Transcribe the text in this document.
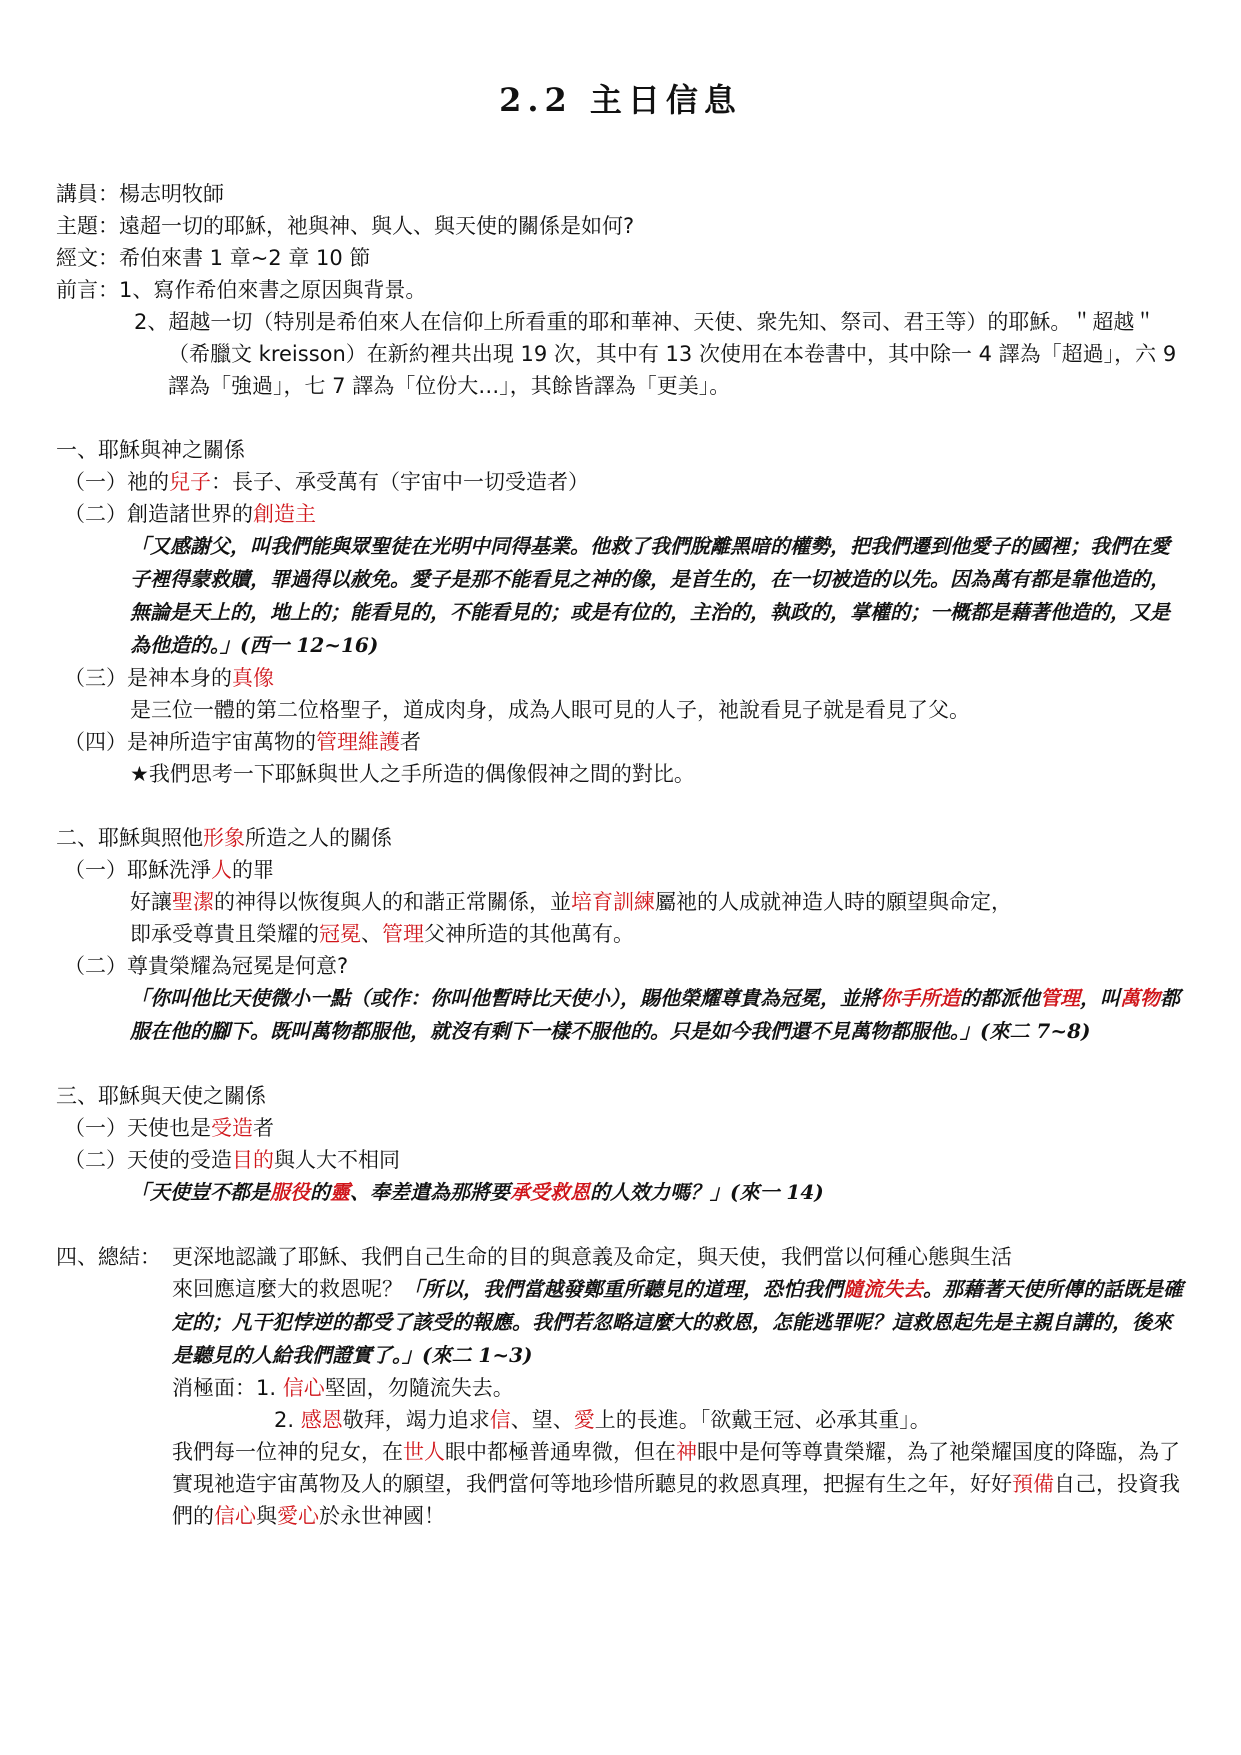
2.2 主日信息
講員： 楊志明牧師
主題： 遠超一切的耶穌，祂與神、與人、與天使的關係是如何?
經文： 希伯來書 1 章~2 章 10 節
前言： 1、寫作希伯來書之原因與背景。
2、超越一切（特別是希伯來人在信仰上所看重的耶和華神、天使、衆先知、祭司、君王等）的耶穌。＂超越＂（希臘文 kreisson）在新約裡共出現 19 次，其中有 13 次使用在本卷書中，其中除一 4 譯為「超過」，六 9 譯為「強過」，七 7 譯為「位份大…」，其餘皆譯為「更美」。
一、耶穌與神之關係
（一）祂的兒子：長子、承受萬有（宇宙中一切受造者）
（二）創造諸世界的創造主
「又感謝父，叫我們能與眾聖徒在光明中同得基業。他救了我們脫離黑暗的權勢，把我們遷到他愛子的國裡；我們在愛子裡得蒙救贖，罪過得以赦免。愛子是那不能看見之神的像，是首生的，在一切被造的以先。因為萬有都是靠他造的，無論是天上的，地上的；能看見的，不能看見的；或是有位的，主治的，執政的，掌權的；一概都是藉著他造的，又是為他造的。」(西一 12~16)
（三）是神本身的真像
是三位一體的第二位格聖子，道成肉身，成為人眼可見的人子，祂說看見子就是看見了父。
（四）是神所造宇宙萬物的管理維護者
★我們思考一下耶穌與世人之手所造的偶像假神之間的對比。
二、耶穌與照他形象所造之人的關係
（一）耶穌洗淨人的罪
好讓聖潔的神得以恢復與人的和諧正常關係，並培育訓練屬祂的人成就神造人時的願望與命定，
即承受尊貴且榮耀的冠冕、管理父神所造的其他萬有。
（二）尊貴榮耀為冠冕是何意?
「你叫他比天使微小一點（或作：你叫他暫時比天使小），賜他榮耀尊貴為冠冕，並將你手所造的都派他管理，叫萬物都服在他的腳下。既叫萬物都服他，就沒有剩下一樣不服他的。只是如今我們還不見萬物都服他。」(來二 7~8)
三、耶穌與天使之關係
（一）天使也是受造者
（二）天使的受造目的與人大不相同
「天使豈不都是服役的靈、奉差遣為那將要承受救恩的人效力嗎？」(來一 14)
四、總結： 更深地認識了耶穌、我們自己生命的目的與意義及命定，與天使，我們當以何種心態與生活
來回應這麼大的救恩呢？「所以，我們當越發鄭重所聽見的道理，恐怕我們隨流失去。那藉著天使所傳的話既是確定的；凡干犯悖逆的都受了該受的報應。我們若忽略這麼大的救恩，怎能逃罪呢？這救恩起先是主親自講的，後來是聽見的人給我們證實了。」(來二 1~3)
消極面：1. 信心堅固，勿隨流失去。
2. 感恩敬拜，竭力追求信、望、愛上的長進。「欲戴王冠、必承其重」。
我們每一位神的兒女，在世人眼中都極普通卑微，但在神眼中是何等尊貴榮耀，為了祂榮耀国度的降臨，為了實現祂造宇宙萬物及人的願望，我們當何等地珍惜所聽見的救恩真理，把握有生之年，好好預備自己，投資我們的信心與愛心於永世神國！
